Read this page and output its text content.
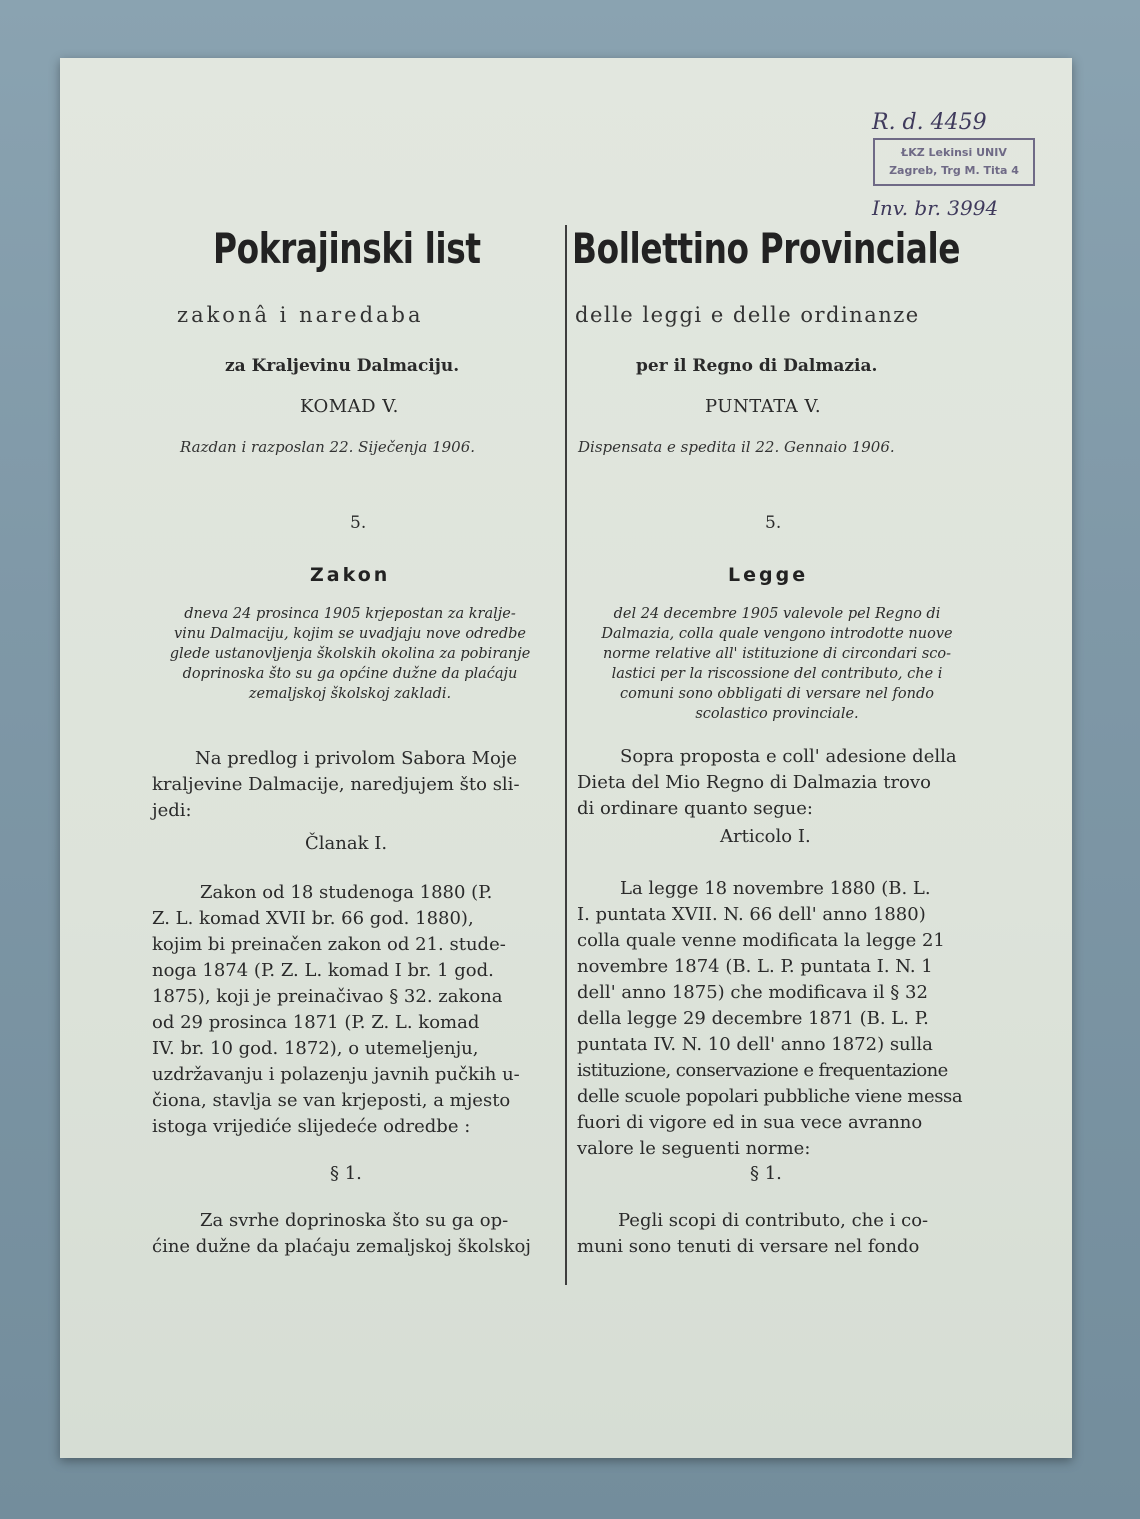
R. d. 4459
ŁKZ Lekinsi UNIV
Zagreb, Trg M. Tita 4
Inv. br. 3994
Pokrajinski list
zakonâ i naredaba
za Kraljevinu Dalmaciju.
KOMAD V.
Razdan i razposlan 22. Siječenja 1906.
5.
Zakon
dneva 24 prosinca 1905 krjepostan za kralje-
vinu Dalmaciju, kojim se uvadjaju nove odredbe
glede ustanovljenja školskih okolina za pobiranje
doprinoska što su ga općine dužne da plaćaju
zemaljskoj školskoj zakladi.
Na predlog i privolom Sabora Moje
kraljevine Dalmacije, naredjujem što sli-
jedi:
Članak I.
Zakon od 18 studenoga 1880 (P.
Z. L. komad XVII br. 66 god. 1880),
kojim bi preinačen zakon od 21. stude-
noga 1874 (P. Z. L. komad I br. 1 god.
1875), koji je preinačivao § 32. zakona
od 29 prosinca 1871 (P. Z. L. komad
IV. br. 10 god. 1872), o utemeljenju,
uzdržavanju i polazenju javnih pučkih u-
čiona, stavlja se van krjeposti, a mjesto
istoga vrijediće slijedeće odredbe :
§ 1.
Za svrhe doprinoska što su ga op-
ćine dužne da plaćaju zemaljskoj školskoj
Bollettino Provinciale
delle leggi e delle ordinanze
per il Regno di Dalmazia.
PUNTATA V.
Dispensata e spedita il 22. Gennaio 1906.
5.
Legge
del 24 decembre 1905 valevole pel Regno di
Dalmazia, colla quale vengono introdotte nuove
norme relative all' istituzione di circondari sco-
lastici per la riscossione del contributo, che i
comuni sono obbligati di versare nel fondo
scolastico provinciale.
Sopra proposta e coll' adesione della
Dieta del Mio Regno di Dalmazia trovo
di ordinare quanto segue:
Articolo I.
La legge 18 novembre 1880 (B. L.
I. puntata XVII. N. 66 dell' anno 1880)
colla quale venne modificata la legge 21
novembre 1874 (B. L. P. puntata I. N. 1
dell' anno 1875) che modificava il § 32
della legge 29 decembre 1871 (B. L. P.
puntata IV. N. 10 dell' anno 1872) sulla
istituzione, conservazione e frequentazione
delle scuole popolari pubbliche viene messa
fuori di vigore ed in sua vece avranno
valore le seguenti norme:
§ 1.
Pegli scopi di contributo, che i co-
muni sono tenuti di versare nel fondo
